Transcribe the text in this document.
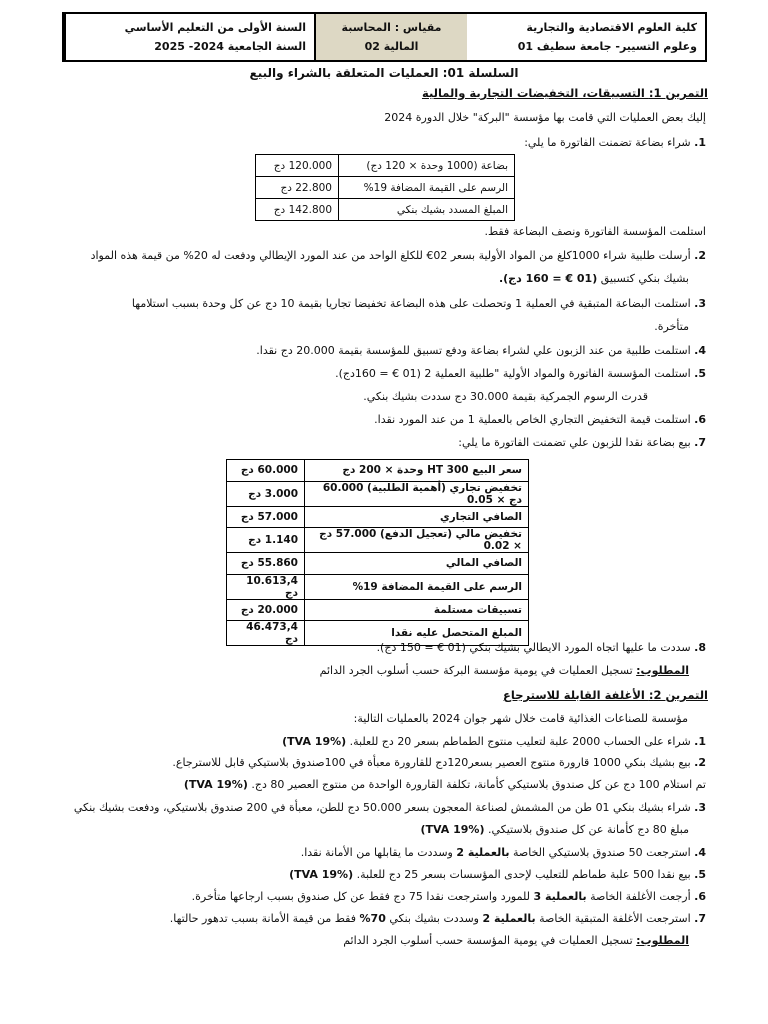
كلية العلوم الاقتصادية والتجارية
وعلوم التسيير- جامعة سطيف 01
مقياس : المحاسبة المالية 02
السنة الأولى من التعليم الأساسي
السنة الجامعية 2024- 2025
السلسلة 01: العمليات المتعلقة بالشراء والبيع
التمرين 1: التسبيقات، التخفيضات التجارية والمالية
إليك بعض العمليات التي قامت بها مؤسسة "البركة" خلال الدورة 2024
1. شراء بضاعة تضمنت الفاتورة ما يلي:
بضاعة (1000 وحدة × 120 دج)	120.000 دج
الرسم على القيمة المضافة 19%	22.800 دج
المبلغ المسدد بشيك بنكي	142.800 دج
استلمت المؤسسة الفاتورة ونصف البضاعة فقط.
2. أرسلت طلبية شراء 1000كلغ من المواد الأولية بسعر 02€ للكلغ الواحد من عند المورد الإيطالي ودفعت له 20% من قيمة هذه المواد
بشيك بنكي كتسبيق (01 € = 160 دج).
3. استلمت البضاعة المتبقية في العملية 1 وتحصلت على هذه البضاعة تخفيضا تجاريا بقيمة 10 دج عن كل وحدة بسبب استلامها
متأخرة.
4. استلمت طلبية من عند الزبون علي لشراء بضاعة ودفع تسبيق للمؤسسة بقيمة 20.000 دج نقدا.
5. استلمت المؤسسة الفاتورة والمواد الأولية "طلبية العملية 2 (01 € = 160دج).
قدرت الرسوم الجمركية بقيمة 30.000 دج سددت بشيك بنكي.
6. استلمت قيمة التخفيض التجاري الخاص بالعملية 1 من عند المورد نقدا.
7. بيع بضاعة نقدا للزبون علي تضمنت الفاتورة ما يلي:
سعر البيع HT 300 وحدة × 200 دج	60.000 دج
تخفيض تجاري (أهمية الطلبية) 60.000 دج × 0.05	3.000 دج
الصافي التجاري	57.000 دج
تخفيض مالي (تعجيل الدفع) 57.000 دج × 0.02	1.140 دج
الصافي المالي	55.860 دج
الرسم على القيمة المضافة 19%	10.613,4 دج
تسبيقات مستلمة	20.000 دج
المبلغ المتحصل عليه نقدا	46.473,4 دج
8. سددت ما عليها اتجاه المورد الايطالي بشيك بنكي (01 € = 150 دج).
المطلوب: تسجيل العمليات في يومية مؤسسة البركة حسب أسلوب الجرد الدائم
التمرين 2: الأغلفة القابلة للاسترجاع
مؤسسة للصناعات الغذائية قامت خلال شهر جوان 2024 بالعمليات التالية:
1. شراء على الحساب 2000 علبة لتعليب منتوج الطماطم بسعر 20 دج للعلبة. (TVA 19%)
2. بيع بشيك بنكي 1000 قارورة منتوج العصير بسعر120دج للقارورة معبأة في 100صندوق بلاستيكي قابل للاسترجاع.
تم استلام 100 دج عن كل صندوق بلاستيكي كأمانة، تكلفة القارورة الواحدة من منتوج العصير 80 دج. (TVA 19%)
3. شراء بشيك بنكي 01 طن من المشمش لصناعة المعجون بسعر 50.000 دج للطن، معبأة في 200 صندوق بلاستيكي، ودفعت بشيك بنكي
مبلغ 80 دج كأمانة عن كل صندوق بلاستيكي. (TVA 19%)
4. استرجعت 50 صندوق بلاستيكي الخاصة بالعملية 2 وسددت ما يقابلها من الأمانة نقدا.
5. بيع نقدا 500 علبة طماطم للتعليب لإحدى المؤسسات بسعر 25 دج للعلبة. (TVA 19%)
6. أرجعت الأغلفة الخاصة بالعملية 3 للمورد واسترجعت نقدا 75 دج فقط عن كل صندوق بسبب ارجاعها متأخرة.
7. استرجعت الأغلفة المتبقية الخاصة بالعملية 2 وسددت بشيك بنكي 70% فقط من قيمة الأمانة بسبب تدهور حالتها.
المطلوب: تسجيل العمليات في يومية المؤسسة حسب أسلوب الجرد الدائم
